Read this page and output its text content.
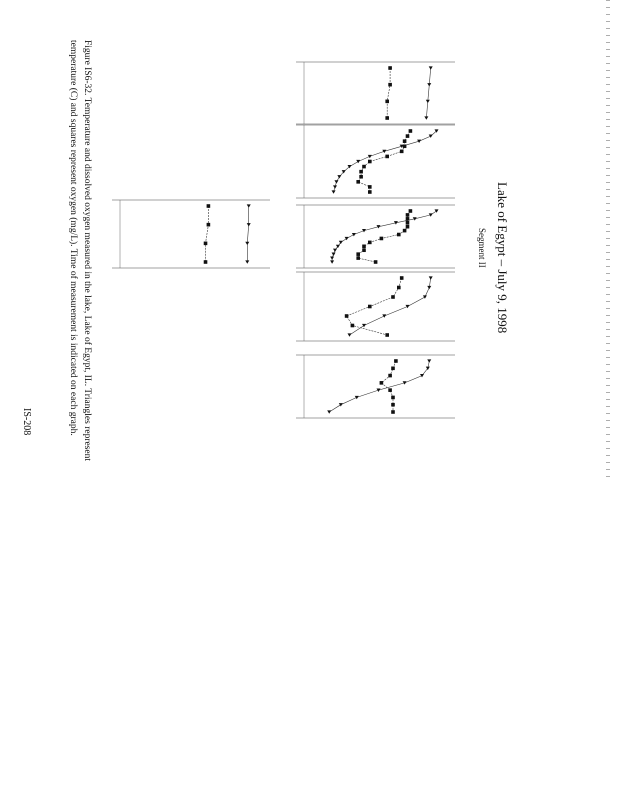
Lake of Egypt – July 9, 1998
Segment II
Figure IS6-32. Temperature and dissolved oxygen measured in the lake, Lake of Egypt, IL. Triangles represent
temperature (C) and squares represent oxygen (mg/L). Time of measurement is indicated on each graph.
IS-208
